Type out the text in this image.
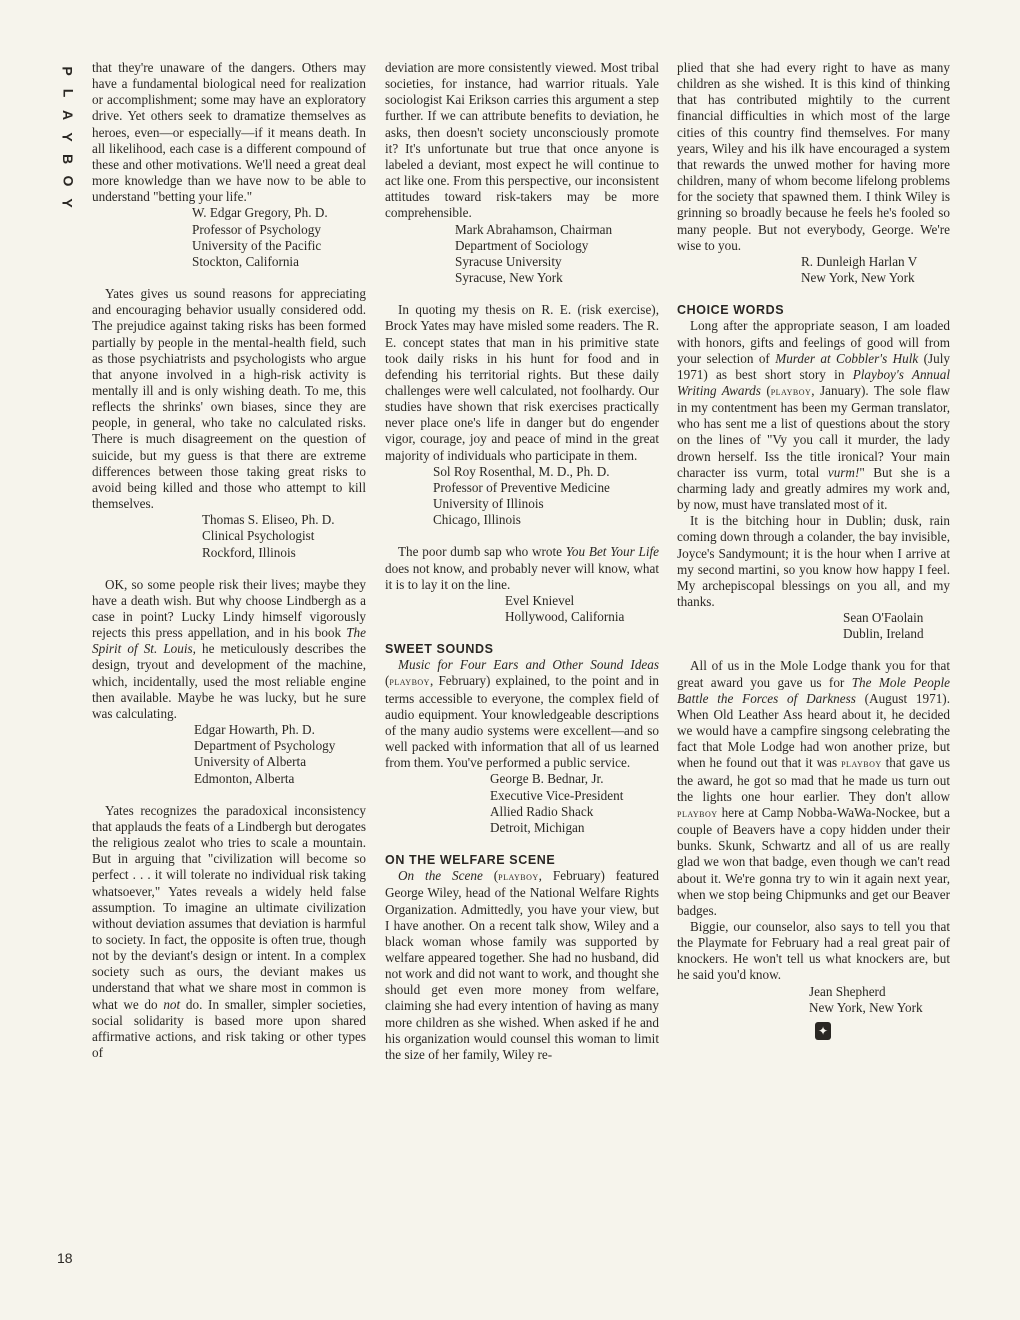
P
L
A
Y
B
O
Y

that they're unaware of the dangers. Others may have a fundamental biological need for realization or accomplishment; some may have an exploratory drive. Yet others seek to dramatize themselves as heroes, even—or especially—if it means death. In all likelihood, each case is a different compound of these and other motivations. We'll need a great deal more knowledge than we have now to be able to understand "betting your life."

W. Edgar Gregory, Ph. D.
Professor of Psychology
University of the Pacific
Stockton, California

Yates gives us sound reasons for appreciating and encouraging behavior usually considered odd. The prejudice against taking risks has been formed partially by people in the mental-health field, such as those psychiatrists and psychologists who argue that anyone involved in a high-risk activity is mentally ill and is only wishing death. To me, this reflects the shrinks' own biases, since they are people, in general, who take no calculated risks. There is much disagreement on the question of suicide, but my guess is that there are extreme differences between those taking great risks to avoid being killed and those who attempt to kill themselves.

Thomas S. Eliseo, Ph. D.
Clinical Psychologist
Rockford, Illinois

OK, so some people risk their lives; maybe they have a death wish. But why choose Lindbergh as a case in point? Lucky Lindy himself vigorously rejects this press appellation, and in his book The Spirit of St. Louis, he meticulously describes the design, tryout and development of the machine, which, incidentally, used the most reliable engine then available. Maybe he was lucky, but he sure was calculating.

Edgar Howarth, Ph. D.
Department of Psychology
University of Alberta
Edmonton, Alberta

Yates recognizes the paradoxical inconsistency that applauds the feats of a Lindbergh but derogates the religious zealot who tries to scale a mountain. But in arguing that "civilization will become so perfect . . . it will tolerate no individual risk taking whatsoever," Yates reveals a widely held false assumption. To imagine an ultimate civilization without deviation assumes that deviation is harmful to society. In fact, the opposite is often true, though not by the deviant's design or intent. In a complex society such as ours, the deviant makes us understand that what we share most in common is what we do not do. In smaller, simpler societies, social solidarity is based more upon shared affirmative actions, and risk taking or other types of

deviation are more consistently viewed. Most tribal societies, for instance, had warrior rituals. Yale sociologist Kai Erikson carries this argument a step further. If we can attribute benefits to deviation, he asks, then doesn't society unconsciously promote it? It's unfortunate but true that once anyone is labeled a deviant, most expect he will continue to act like one. From this perspective, our inconsistent attitudes toward risk-takers may be more comprehensible.

Mark Abrahamson, Chairman
Department of Sociology
Syracuse University
Syracuse, New York

In quoting my thesis on R. E. (risk exercise), Brock Yates may have misled some readers. The R. E. concept states that man in his primitive state took daily risks in his hunt for food and in defending his territorial rights. But these daily challenges were well calculated, not foolhardy. Our studies have shown that risk exercises practically never place one's life in danger but do engender vigor, courage, joy and peace of mind in the great majority of individuals who participate in them.

Sol Roy Rosenthal, M. D., Ph. D.
Professor of Preventive Medicine
University of Illinois
Chicago, Illinois

The poor dumb sap who wrote You Bet Your Life does not know, and probably never will know, what it is to lay it on the line.

Evel Knievel
Hollywood, California
SWEET SOUNDS

Music for Four Ears and Other Sound Ideas (playboy, February) explained, to the point and in terms accessible to everyone, the complex field of audio equipment. Your knowledgeable descriptions of the many audio systems were excellent—and so well packed with information that all of us learned from them. You've performed a public service.

George B. Bednar, Jr.
Executive Vice-President
Allied Radio Shack
Detroit, Michigan
ON THE WELFARE SCENE

On the Scene (playboy, February) featured George Wiley, head of the National Welfare Rights Organization. Admittedly, you have your view, but I have another. On a recent talk show, Wiley and a black woman whose family was supported by welfare appeared together. She had no husband, did not work and did not want to work, and thought she should get even more money from welfare, claiming she had every intention of having as many more children as she wished. When asked if he and his organization would counsel this woman to limit the size of her family, Wiley re-

plied that she had every right to have as many children as she wished. It is this kind of thinking that has contributed mightily to the current financial difficulties in which most of the large cities of this country find themselves. For many years, Wiley and his ilk have encouraged a system that rewards the unwed mother for having more children, many of whom become lifelong problems for the society that spawned them. I think Wiley is grinning so broadly because he feels he's fooled so many people. But not everybody, George. We're wise to you.

R. Dunleigh Harlan V
New York, New York
CHOICE WORDS

Long after the appropriate season, I am loaded with honors, gifts and feelings of good will from your selection of Murder at Cobbler's Hulk (July 1971) as best short story in Playboy's Annual Writing Awards (playboy, January). The sole flaw in my contentment has been my German translator, who has sent me a list of questions about the story on the lines of "Vy you call it murder, the lady drown herself. Iss the title ironical? Your main character iss vurm, total vurm!" But she is a charming lady and greatly admires my work and, by now, must have translated most of it.

It is the bitching hour in Dublin; dusk, rain coming down through a colander, the bay invisible, Joyce's Sandymount; it is the hour when I arrive at my second martini, so you know how happy I feel. My archepiscopal blessings on you all, and my thanks.

Sean O'Faolain
Dublin, Ireland

All of us in the Mole Lodge thank you for that great award you gave us for The Mole People Battle the Forces of Darkness (August 1971). When Old Leather Ass heard about it, he decided we would have a campfire singsong celebrating the fact that Mole Lodge had won another prize, but when he found out that it was playboy that gave us the award, he got so mad that he made us turn out the lights one hour earlier. They don't allow playboy here at Camp Nobba-WaWa-Nockee, but a couple of Beavers have a copy hidden under their bunks. Skunk, Schwartz and all of us are really glad we won that badge, even though we can't read about it. We're gonna try to win it again next year, when we stop being Chipmunks and get our Beaver badges.

Biggie, our counselor, also says to tell you that the Playmate for February had a real great pair of knockers. He won't tell us what knockers are, but he said you'd know.

Jean Shepherd
New York, New York
✦
18
